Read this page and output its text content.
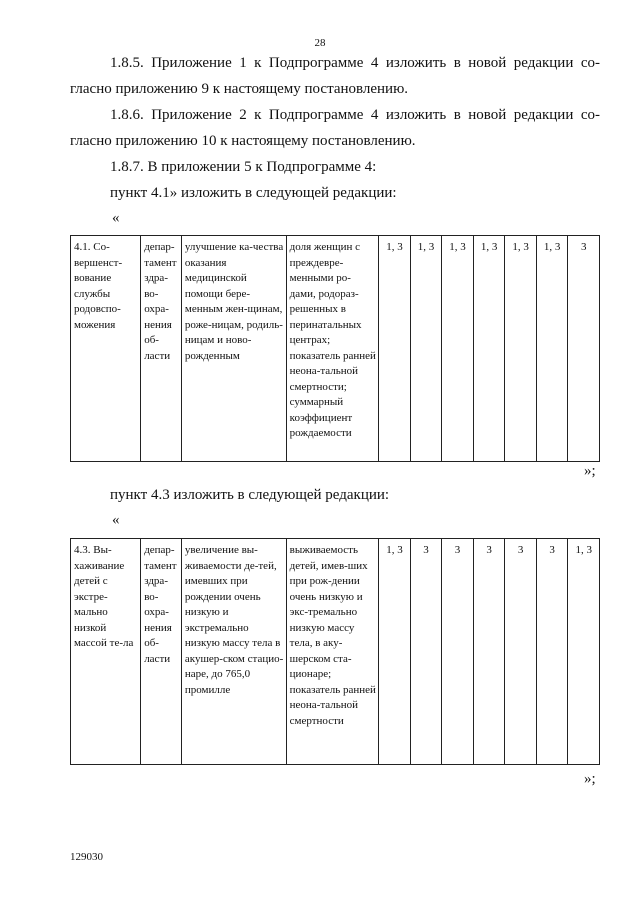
28
1.8.5. Приложение 1 к Подпрограмме 4 изложить в новой редакции со-
гласно приложению 9 к настоящему постановлению.
1.8.6. Приложение 2 к Подпрограмме 4 изложить в новой редакции со-
гласно приложению 10 к настоящему постановлению.
1.8.7. В приложении 5 к Подпрограмме 4:
пункт 4.1» изложить в следующей редакции:
«
4.1. Со-вершенст-вование службы родовспо-можения	депар-тамент здра-во-охра-нения об-ласти	улучшение ка-чества оказания медицинской помощи бере-менным жен-щинам, роже-ницам, родиль-ницам и ново-рожденным	доля женщин с преждевре-менными ро-дами, родораз-решенных в перинатальных центрах; показатель ранней неона-тальной смертности; суммарный коэффициент рождаемости	1, 3	1, 3	1, 3	1, 3	1, 3	1, 3	3
»;
пункт 4.3 изложить в следующей редакции:
«
4.3. Вы-хаживание детей с экстре-мально низкой массой те-ла	депар-тамент здра-во-охра-нения об-ласти	увеличение вы-живаемости де-тей, имевших при рождении очень низкую и экстремально низкую массу тела в акушер-ском стацио-наре, до 765,0 промилле	выживаемость детей, имев-ших при рож-дении очень низкую и экс-тремально низкую массу тела, в аку-шерском ста-ционаре; показатель ранней неона-тальной смертности	1, 3	3	3	3	3	3	1, 3
»;
129030
